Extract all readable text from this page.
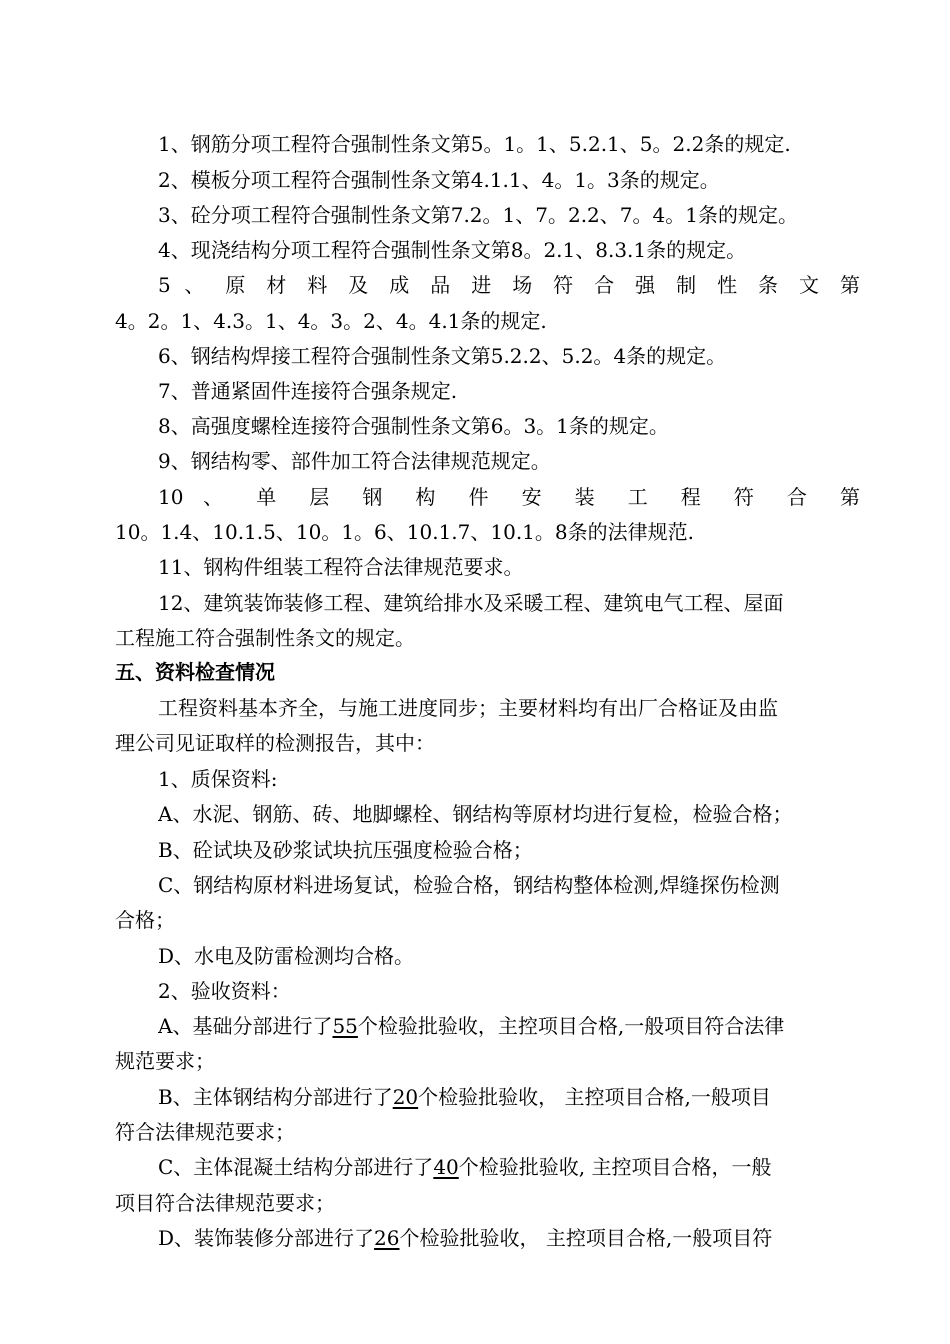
1、钢筋分项工程符合强制性条文第5。1。1、5.2.1、5。2.2条的规定.
2、模板分项工程符合强制性条文第4.1.1、4。1。3条的规定。
3、砼分项工程符合强制性条文第7.2。1、7。2.2、7。4。1条的规定。
4、现浇结构分项工程符合强制性条文第8。2.1、8.3.1条的规定。
5 、 原 材 料 及 成 品 进 场 符 合 强 制 性 条 文 第
4。2。1、4.3。1、4。3。2、4。4.1条的规定.
6、钢结构焊接工程符合强制性条文第5.2.2、5.2。4条的规定。
7、普通紧固件连接符合强条规定.
8、高强度螺栓连接符合强制性条文第6。3。1条的规定。
9、钢结构零、部件加工符合法律规范规定。
10 、 单 层 钢 构 件 安 装 工 程 符 合 第
10。1.4、10.1.5、10。1。6、10.1.7、10.1。8条的法律规范.
11、钢构件组装工程符合法律规范要求。
12、建筑装饰装修工程、建筑给排水及采暖工程、建筑电气工程、屋面
工程施工符合强制性条文的规定。
五、资料检查情况
工程资料基本齐全，与施工进度同步；主要材料均有出厂合格证及由监
理公司见证取样的检测报告，其中：
1、质保资料:
A、水泥、钢筋、砖、地脚螺栓、钢结构等原材均进行复检，检验合格；
B、砼试块及砂浆试块抗压强度检验合格；
C、钢结构原材料进场复试，检验合格，钢结构整体检测,焊缝探伤检测
合格；
D、水电及防雷检测均合格。
2、验收资料：
A、基础分部进行了55个检验批验收，主控项目合格,一般项目符合法律
规范要求；
B、主体钢结构分部进行了20个检验批验收， 主控项目合格,一般项目
符合法律规范要求；
C、主体混凝土结构分部进行了40个检验批验收, 主控项目合格，一般
项目符合法律规范要求；
D、装饰装修分部进行了26个检验批验收， 主控项目合格,一般项目符
